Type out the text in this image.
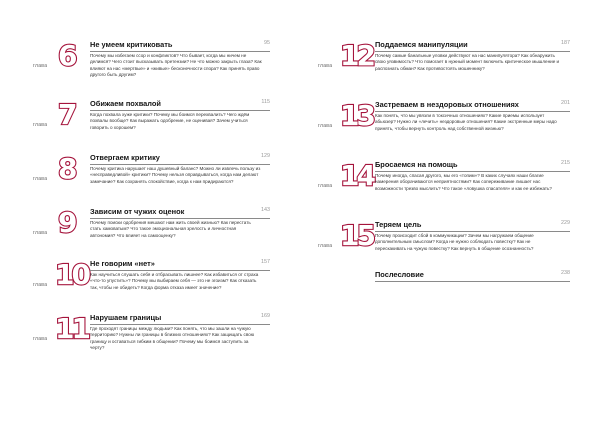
глава 6 Не умеем критиковать	95
Почему мы избегаем ссор и конфликтов? Что бывает, когда мы ничем не делимся? Чего стоит высказывать претензии? Не что можно закрыть глаза? Как влияют на нас «мертвые» и «живые» бесконечности спора? Как принять право другого быть другим?
глава 7 Обижаем похвалой	115
Когда похвала хуже критики? Почему мы боимся перехвалить? Чего ждём похвалы вообще? Как выражать одобрение, не оценивая? Зачем учиться говорить о хорошем?
глава 8 Отвергаем критику	129
Почему критика нарушает наш душевный баланс? Можно ли извлечь пользу из «несправедливой» критики? Почему нельзя оправдываться, когда нам делают замечание? Как сохранять спокойствие, когда к нам придираются?
глава 9 Зависим от чужих оценок	143
Почему поиски одобрения мешают нам жить своей жизнью? Как перестать стать хамоватым? Что такое эмоциональная зрелость и личностная автономия? Что влияет на самооценку?
глава 10 Не говорим «нет»	157
Как научиться слушать себя и отбрасывать лишнее? Как избавиться от страха «что-то упустить»? Почему мы выбираем себя — это не эгоизм? Как отказать так, чтобы не обидеть? Когда форма отказа имеет значение?
глава 11 Нарушаем границы	169
Где проходят границы между людьми? Как понять, что мы зашли на чужую территорию? Нужны ли границы в близких отношениях? Как защищать свою границу и оставаться гибким в общении? Почему мы боимся заступить за черту?
глава 12 Поддаемся манипуляции	187
Почему самые банальные уловки действуют на нас манипулятора? Как обнаружить свою уязвимость? Что помогает в нужный момент включить критическое мышление и распознать обман? Как противостоять мошеннику?
глава 13 Застреваем в нездоровых отношениях	201
Как понять, что мы увязли в токсичных отношениях? Какие приемы использует абьюзер? Нужно ли «лечить» нездоровые отношения? Какие экстренные меры надо принять, чтобы вернуть контроль над собственной жизнью?
глава 14 Бросаемся на помощь	215
Почему иногда, спасая другого, мы его «топим»? В каких случаях наши благие намерения оборачиваются неприятностями? Как сопереживание лишает нас возможности трезво мыслить? Что такое «ловушка спасателя» и как ее избежать?
глава 15 Теряем цель	229
Почему происходит сбой в коммуникации? Зачем мы нагружаем общение дополнительным смыслом? Когда не нужно соблюдать повестку? Как не перескакивать на чужую повестку? Как вернуть в общение осознанность?
Послесловие	238
